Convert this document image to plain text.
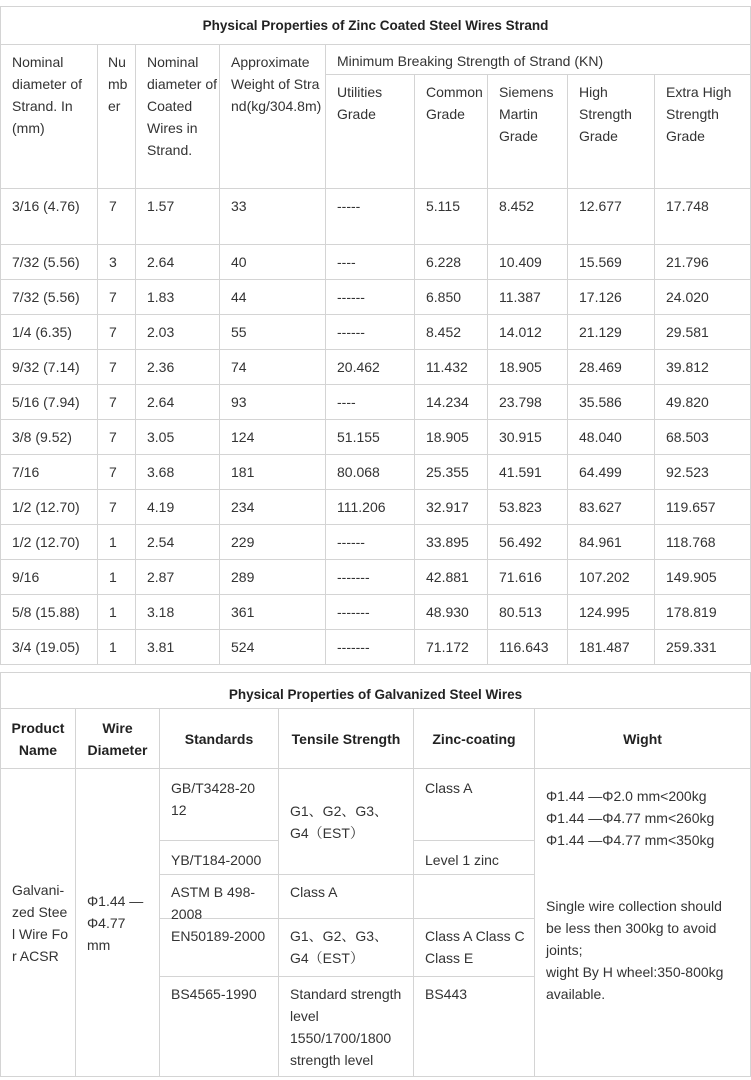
Physical Properties of Zinc Coated Steel Wires Strand								
Nominal diameter of Strand. In (mm)	Number	Nominal diameter of Coated Wires in Strand.	Approximate Weight of Strand(kg/304.8m)	Minimum Breaking Strength of Strand (KN)				
				Utilities Grade	Common Grade	Siemens Martin Grade	High Strength Grade	Extra High Strength Grade
3/16 (4.76)	7	1.57	33	-----	5.115	8.452	12.677	17.748
7/32 (5.56)	3	2.64	40	----	6.228	10.409	15.569	21.796
7/32 (5.56)	7	1.83	44	------	6.850	11.387	17.126	24.020
1/4 (6.35)	7	2.03	55	------	8.452	14.012	21.129	29.581
9/32 (7.14)	7	2.36	74	20.462	11.432	18.905	28.469	39.812
5/16 (7.94)	7	2.64	93	----	14.234	23.798	35.586	49.820
3/8 (9.52)	7	3.05	124	51.155	18.905	30.915	48.040	68.503
7/16	7	3.68	181	80.068	25.355	41.591	64.499	92.523
1/2 (12.70)	7	4.19	234	111.206	32.917	53.823	83.627	119.657
1/2 (12.70)	1	2.54	229	------	33.895	56.492	84.961	118.768
9/16	1	2.87	289	-------	42.881	71.616	107.202	149.905
5/8 (15.88)	1	3.18	361	-------	48.930	80.513	124.995	178.819
3/4 (19.05)	1	3.81	524	-------	71.172	116.643	181.487	259.331
Physical Properties of Galvanized Steel Wires					
Product Name	Wire Diameter	Standards	Tensile Strength	Zinc-coating	Wight
Galvani-zed Steel Wire For ACSR	Φ1.44 — Φ4.77 mm	GB/T3428-2012	G1、G2、G3、G4（EST）	Class A	Φ1.44 —Φ2.0 mm<200kg
Φ1.44 —Φ4.77 mm<260kg
Φ1.44 —Φ4.77 mm<350kg
Single wire collection should be less then 300kg to avoid joints;
wight By H wheel:350-800kg available.

		YB/T184-2000		Level 1 zinc	

		ASTM B 498-2008	Class A		
		EN50189-2000	G1、G2、G3、G4（EST）	Class A Class C Class E	
		BS4565-1990	Standard strength level 1550/1700/1800 strength level	BS443	
